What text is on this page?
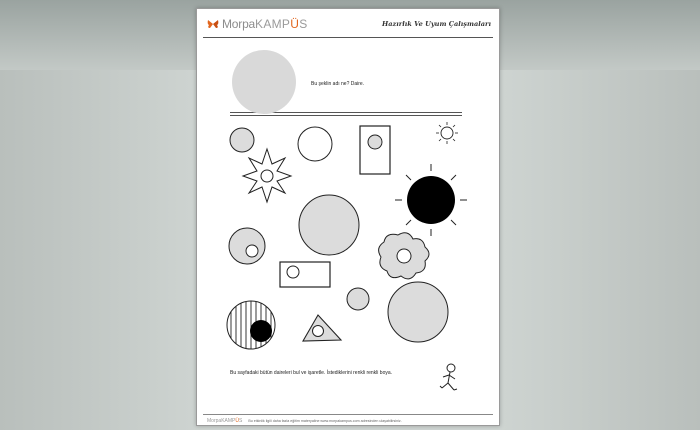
Morpa KAMPÜS	Hazırlık Ve Uyum Çalışmaları
Bu şeklin adı ne? Daire.
Bu sayfadaki bütün daireleri bul ve işaretle. İstediklerini renkli renkli boya.
MorpaKAMPÜS Bu etkinlik ilgili daha fazla eğitim materyaline www.morpakampus.com adresinden ulaşabilirsiniz.
